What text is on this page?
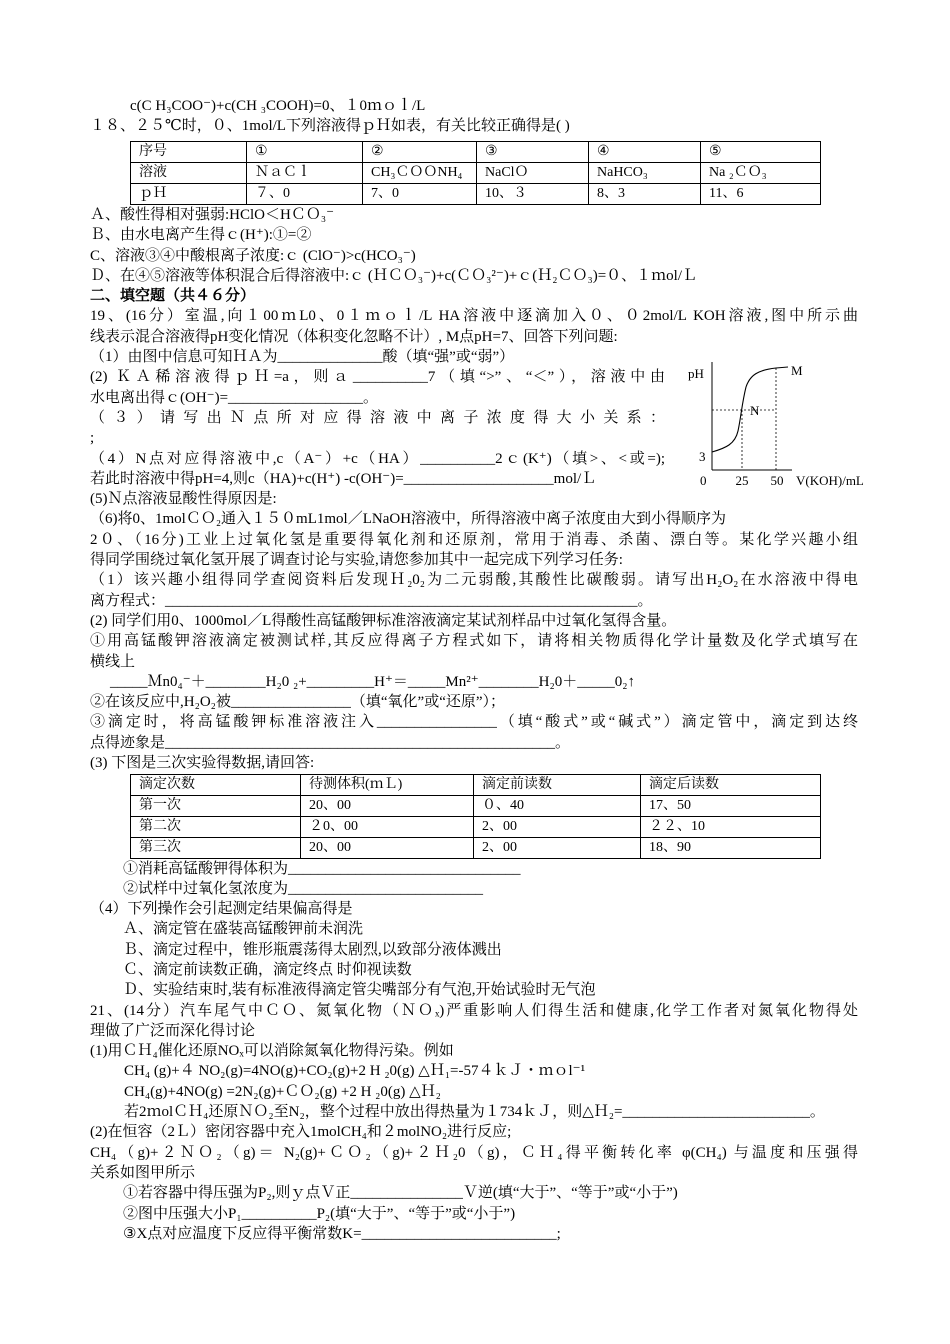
c(C H₃COO⁻)+c(CH ₃COOH)=0、１0ｍｏｌ/L
１８、２５℃时，０、1mol/L下列溶液得ｐＨ如表，有关比较正确得是( )
序号	①	②	③	④	⑤
溶液	ＮａＣｌ	CH₃ＣＯＯNH₄	NaClＯ	NaHCO₃	Na ₂ＣＯ₃
ｐＨ	７、0	7、0	10、３	8、3	11、6
Ａ、酸性得相对强弱:HClO＜HＣＯ₃⁻
Ｂ、由水电离产生得ｃ(H⁺):①=②
C、溶液③④中酸根离子浓度:ｃ (ClO⁻)>c(HCO₃⁻)
Ｄ、在④⑤溶液等体积混合后得溶液中:ｃ (ＨＣＯ₃⁻)+c(ＣＯ₃²⁻)+ｃ(Ｈ₂ＣＯ₃)=０、１ｍol/Ｌ
二、填空题（共４６分）
19、(16分）室温,向１00ｍL0、0１ｍｏｌ/L HA溶液中逐滴加入０、０2mol/L KOH溶液,图中所示曲
线表示混合溶液得pH变化情况（体积变化忽略不计）, M点pH=7、回答下列问题:
（1）由图中信息可知ＨＡ为______________酸（填“强”或“弱”）
(2) ＫＡ稀溶液得ｐＨ=a，则ａ__________7（填“>”、“＜”），溶液中由
水电离出得ｃ(OH⁻)=__________________。
（３）请写出Ｎ点所对应得溶液中离子浓度得大小关系：
;
（4）N点对应得溶液中,c（A⁻）+c（HA）__________2ｃ(K⁺)（填>、<或=);
若此时溶液中得pH=4,则c（HA)+c(H⁺) -c(OH⁻)=____________________mol/Ｌ
(5)Ｎ点溶液显酸性得原因是:
（6)将0、1molＣＯ₂通入１５０mL1mol／LNaOH溶液中，所得溶液中离子浓度由大到小得顺序为
2０、（16分)工业上过氧化氢是重要得氧化剂和还原剂，常用于消毒、杀菌、漂白等。某化学兴趣小组
得同学围绕过氧化氢开展了调查讨论与实验,请您参加其中一起完成下列学习任务:
（1）该兴趣小组得同学查阅资料后发现Ｈ₂0₂为二元弱酸,其酸性比碳酸弱。请写出H₂O₂在水溶液中得电
离方程式：_______________________________________________________________。
(2) 同学们用0、1000mol／L得酸性高锰酸钾标准溶液滴定某试剂样品中过氧化氢得含量。
①用高锰酸钾溶液滴定被测试样,其反应得离子方程式如下，请将相关物质得化学计量数及化学式填写在
横线上
_____Ｍn0₄⁻＋________H₂0 ₂+_________H⁺＝_____Mn²⁺________H₂0＋_____0₂↑
②在该反应中,H₂O₂被________________（填“氧化”或“还原”）；
③滴定时，将高锰酸钾标准溶液注入________________（填“酸式”或“碱式”）滴定管中，滴定到达终
点得迹象是____________________________________________________。
(3) 下图是三次实验得数据,请回答:
pH	M
N
3
0 25 50 V(KOH)/mL
滴定次数	待测体积(ｍＬ)	滴定前读数	滴定后读数
第一次	20、00	０、40	17、50
第二次	２0、00	2、00	２２、10
第三次	20、00	2、00	18、90
①消耗高锰酸钾得体积为_______________________________
②试样中过氧化氢浓度为__________________________
（4）下列操作会引起测定结果偏高得是
Ａ、滴定管在盛装高锰酸钾前未润洗
Ｂ、滴定过程中，锥形瓶震荡得太剧烈,以致部分液体溅出
Ｃ、滴定前读数正确，滴定终点 时仰视读数
Ｄ、实验结束时,装有标准液得滴定管尖嘴部分有气泡,开始试验时无气泡
21、(14分）汽车尾气中ＣＯ、氮氧化物（ＮＯₓ)严重影响人们得生活和健康,化学工作者对氮氧化物得处
理做了广泛而深化得讨论
(1)用ＣＨ₄催化还原NOₓ可以消除氮氧化物得污染。例如
CH₄ (g)+４ NO₂(g)=4NO(g)+CO₂(g)+2 H ₂0(g) △Ｈ₁=-57４ｋＪ・ｍｏl⁻¹
CH₄(g)+4NO(g) =2N₂(g)+ＣＯ₂(g) +2 H ₂0(g) △Ｈ₂
若2ｍolＣＨ₄还原ＮＯ₂至N₂，整个过程中放出得热量为１734ｋＪ，则△Ｈ₂=_________________________。
(2)在恒容（2Ｌ）密闭容器中充入1molCH₄和２molNO₂进行反应;
CH₄（g)+２ＮＯ₂（g)＝ N₂(g)+ＣＯ₂（g)+２Ｈ₂0（g)，ＣＨ₄得平衡转化率 φ(CH₄) 与温度和压强得
关系如图甲所示
①若容器中得压强为P₂,则ｙ点Ｖ正_______________Ｖ逆(填“大于”、“等于”或“小于”)
②图中压强大小P₁__________P₂(填“大于”、“等于”或“小于”)
③X点对应温度下反应得平衡常数K=__________________________;
